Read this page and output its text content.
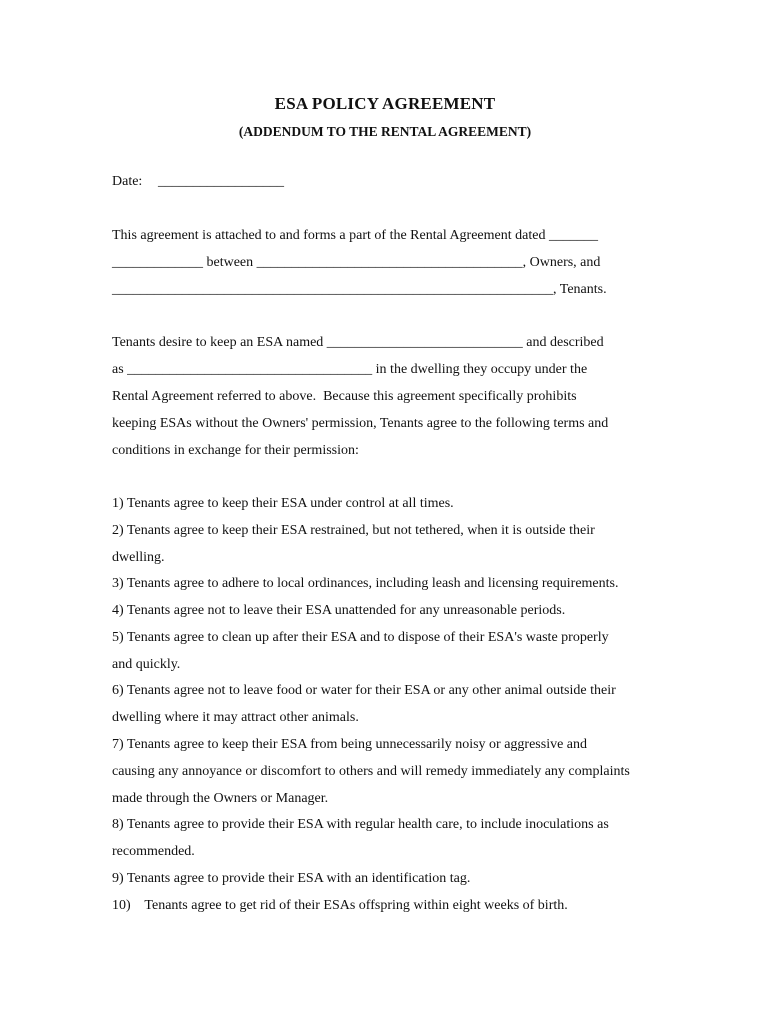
ESA POLICY AGREEMENT
(ADDENDUM TO THE RENTAL AGREEMENT)
Date: __________________
This agreement is attached to and forms a part of the Rental Agreement dated _______
_____________ between ______________________________________, Owners, and
_______________________________________________________________, Tenants.
Tenants desire to keep an ESA named ____________________________ and described
as ___________________________________ in the dwelling they occupy under the
Rental Agreement referred to above.  Because this agreement specifically prohibits
keeping ESAs without the Owners' permission, Tenants agree to the following terms and
conditions in exchange for their permission:
1) Tenants agree to keep their ESA under control at all times.
2) Tenants agree to keep their ESA restrained, but not tethered, when it is outside their
dwelling.
3) Tenants agree to adhere to local ordinances, including leash and licensing requirements.
4) Tenants agree not to leave their ESA unattended for any unreasonable periods.
5) Tenants agree to clean up after their ESA and to dispose of their ESA's waste properly
and quickly.
6) Tenants agree not to leave food or water for their ESA or any other animal outside their
dwelling where it may attract other animals.
7) Tenants agree to keep their ESA from being unnecessarily noisy or aggressive and
causing any annoyance or discomfort to others and will remedy immediately any complaints
made through the Owners or Manager.
8) Tenants agree to provide their ESA with regular health care, to include inoculations as
recommended.
9) Tenants agree to provide their ESA with an identification tag.
10)    Tenants agree to get rid of their ESAs offspring within eight weeks of birth.
